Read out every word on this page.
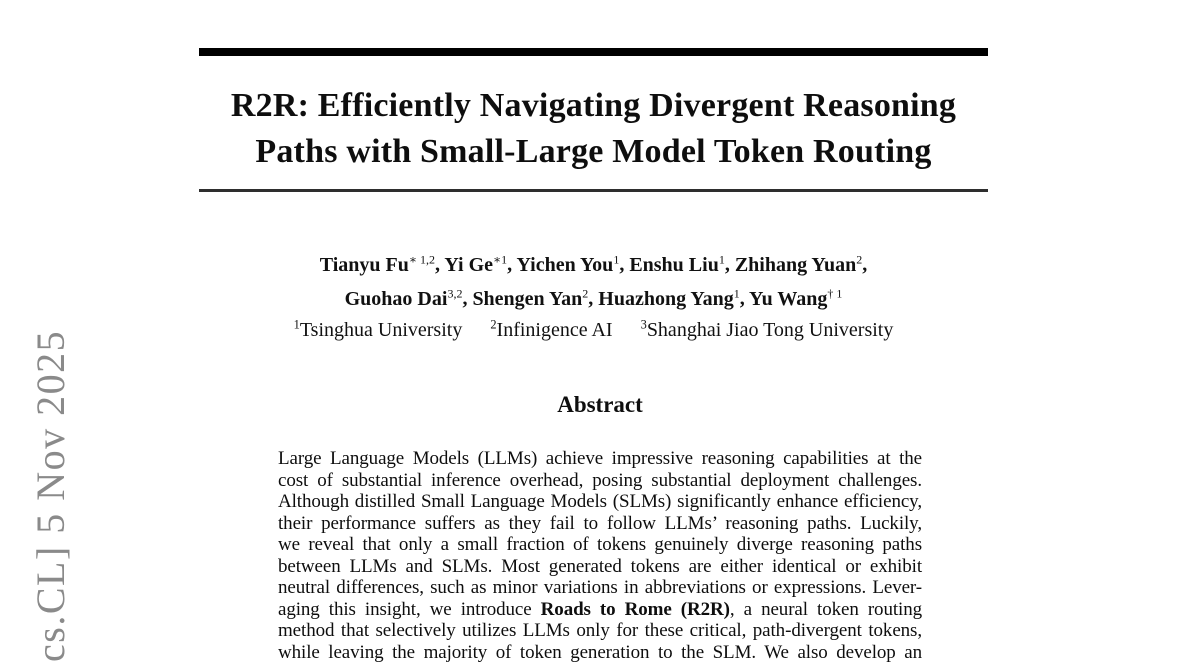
cs.CL] 5 Nov 2025
R2R: Efficiently Navigating Divergent Reasoning
Paths with Small-Large Model Token Routing
Tianyu $Fu^{∗ 1,2}$, Yi $Ge^{∗1}$, Yichen You$^1$, Enshu Liu$^1$, Zhihang Yuan$^2$,
Guohao Dai$^{3,2}$, Shengen Yan$^2$, Huazhong Yang$^1$, Yu Wang$^{\dagger 1}$
$^1$Tsinghua University $^2$Infinigence AI $^3$Shanghai Jiao Tong University
Abstract
Large Language Models (LLMs) achieve impressive reasoning capabilities at the
cost of substantial inference overhead, posing substantial deployment challenges.
Although distilled Small Language Models (SLMs) significantly enhance efficiency,
their performance suffers as they fail to follow LLMs’ reasoning paths. Luckily,
we reveal that only a small fraction of tokens genuinely diverge reasoning paths
between LLMs and SLMs. Most generated tokens are either identical or exhibit
neutral differences, such as minor variations in abbreviations or expressions. Lever-
aging this insight, we introduce Roads to Rome (R2R), a neural token routing
method that selectively utilizes LLMs only for these critical, path-divergent tokens,
while leaving the majority of token generation to the SLM. We also develop an
